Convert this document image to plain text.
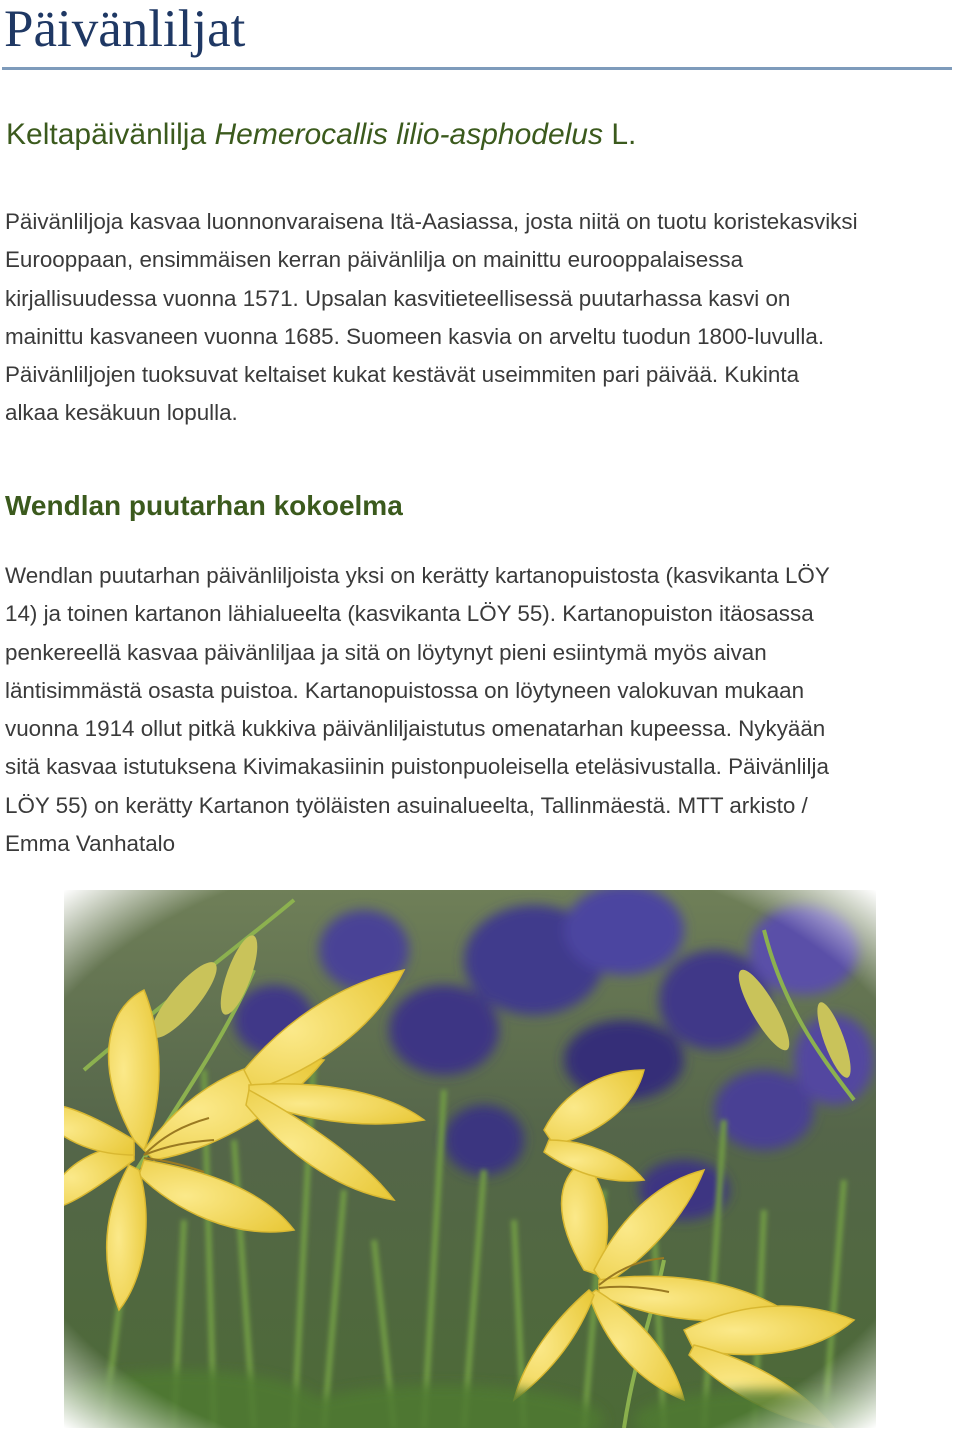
Päivänliljat
Keltapäivänlilja Hemerocallis lilio-asphodelus L.

Päivänliljoja kasvaa luonnonvaraisena Itä-Aasiassa, josta niitä on tuotu koristekasviksi
Eurooppaan, ensimmäisen kerran päivänlilja on mainittu eurooppalaisessa
kirjallisuudessa vuonna 1571. Upsalan kasvitieteellisessä puutarhassa kasvi on
mainittu kasvaneen vuonna 1685. Suomeen kasvia on arveltu tuodun 1800-luvulla.
Päivänliljojen tuoksuvat keltaiset kukat kestävät useimmiten pari päivää. Kukinta
alkaa kesäkuun lopulla.

Wendlan puutarhan kokoelma

Wendlan puutarhan päivänliljoista yksi on kerätty kartanopuistosta (kasvikanta LÖY
14) ja toinen kartanon lähialueelta (kasvikanta LÖY 55). Kartanopuiston itäosassa
penkereellä kasvaa päivänliljaa ja sitä on löytynyt pieni esiintymä myös aivan
läntisimmästä osasta puistoa. Kartanopuistossa on löytyneen valokuvan mukaan
vuonna 1914 ollut pitkä kukkiva päivänliljaistutus omenatarhan kupeessa. Nykyään
sitä kasvaa istutuksena Kivimakasiinin puistonpuoleisella eteläsivustalla. Päivänlilja
LÖY 55) on kerätty Kartanon työläisten asuinalueelta, Tallinmäestä. MTT arkisto /
Emma Vanhatalo
